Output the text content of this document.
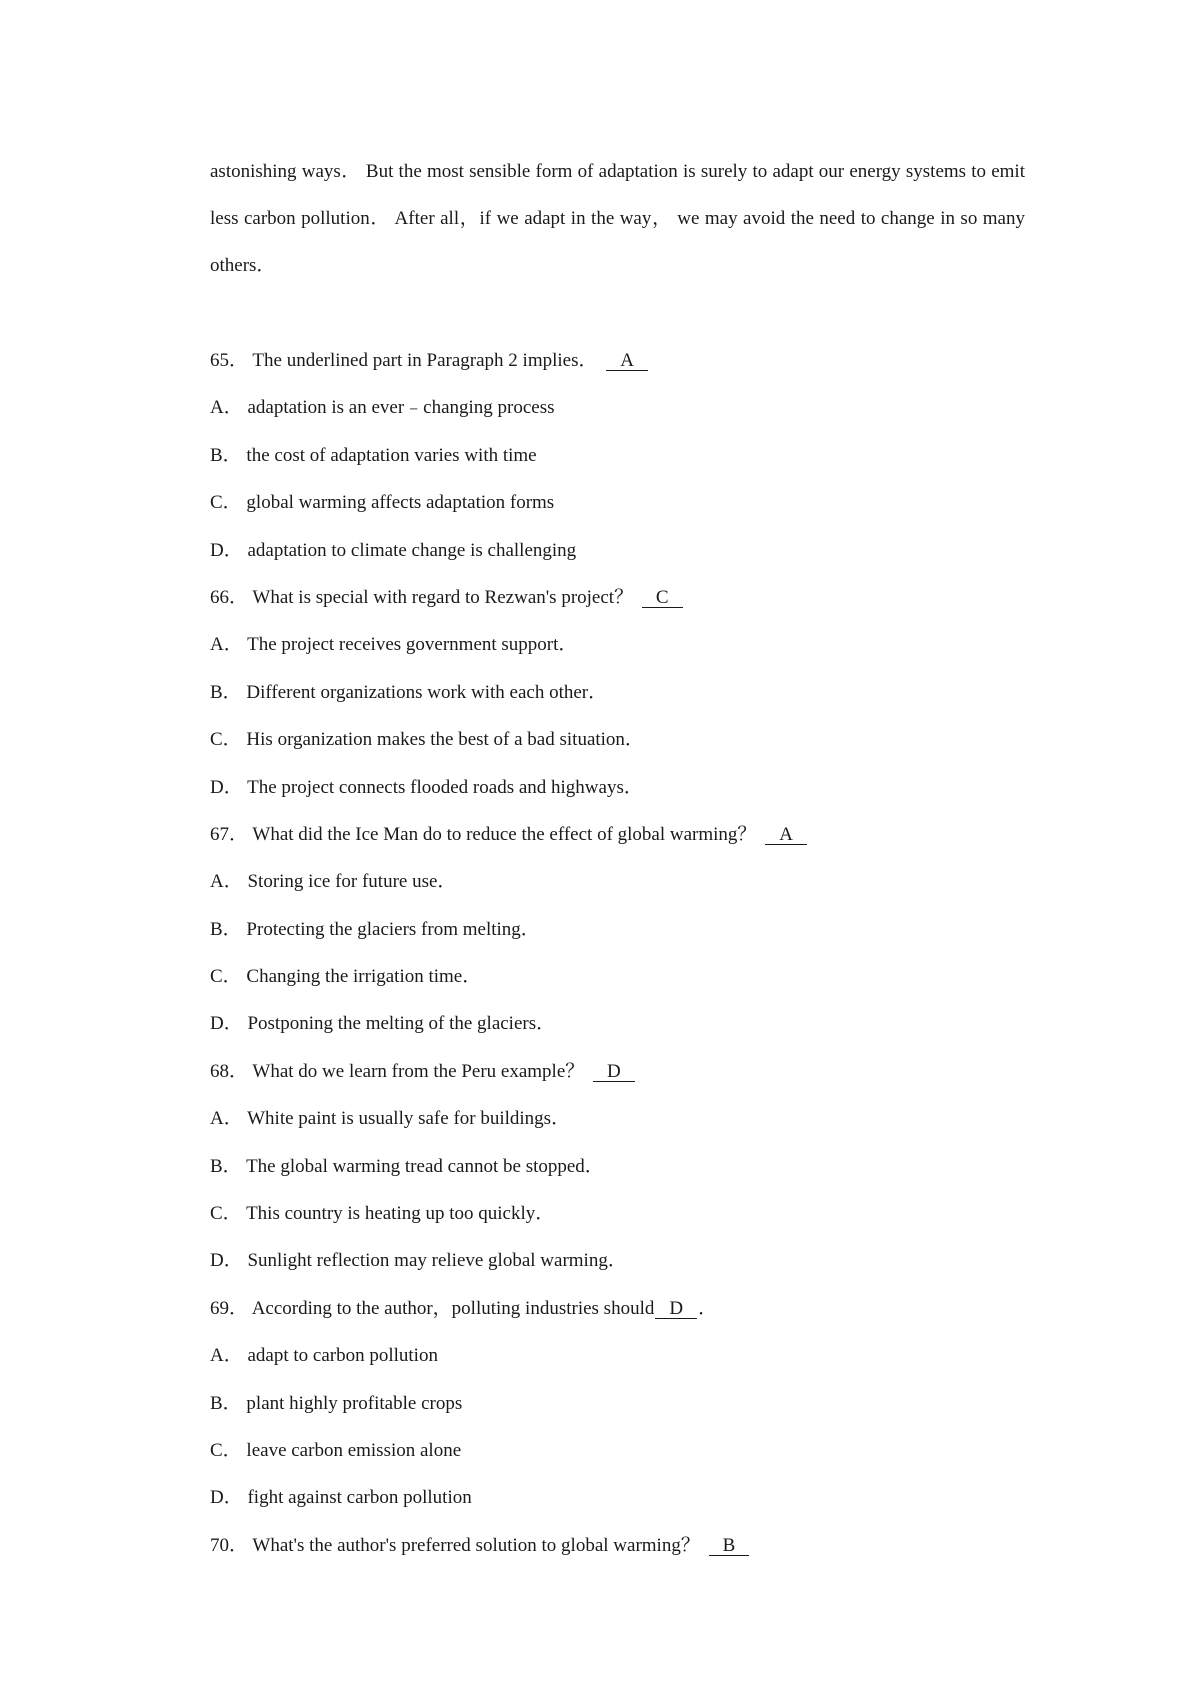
astonishing ways． But the most sensible form of adaptation is surely to adapt our energy systems to emit less carbon pollution． After all，if we adapt in the way， we may avoid the need to change in so many others．

65． The underlined part in Paragraph 2 implies． A
A． adaptation is an ever﹣changing process
B． the cost of adaptation varies with time
C． global warming affects adaptation forms
D． adaptation to climate change is challenging
66． What is special with regard to Rezwan's project？ C
A． The project receives government support．
B． Different organizations work with each other．
C． His organization makes the best of a bad situation．
D． The project connects flooded roads and highways．
67． What did the Ice Man do to reduce the effect of global warming？ A
A． Storing ice for future use．
B． Protecting the glaciers from melting．
C． Changing the irrigation time．
D． Postponing the melting of the glaciers．
68． What do we learn from the Peru example？ D
A． White paint is usually safe for buildings．
B． The global warming tread cannot be stopped．
C． This country is heating up too quickly．
D． Sunlight reflection may relieve global warming．
69． According to the author，polluting industries should D ．
A． adapt to carbon pollution
B． plant highly profitable crops
C． leave carbon emission alone
D． fight against carbon pollution
70． What's the author's preferred solution to global warming？ B
